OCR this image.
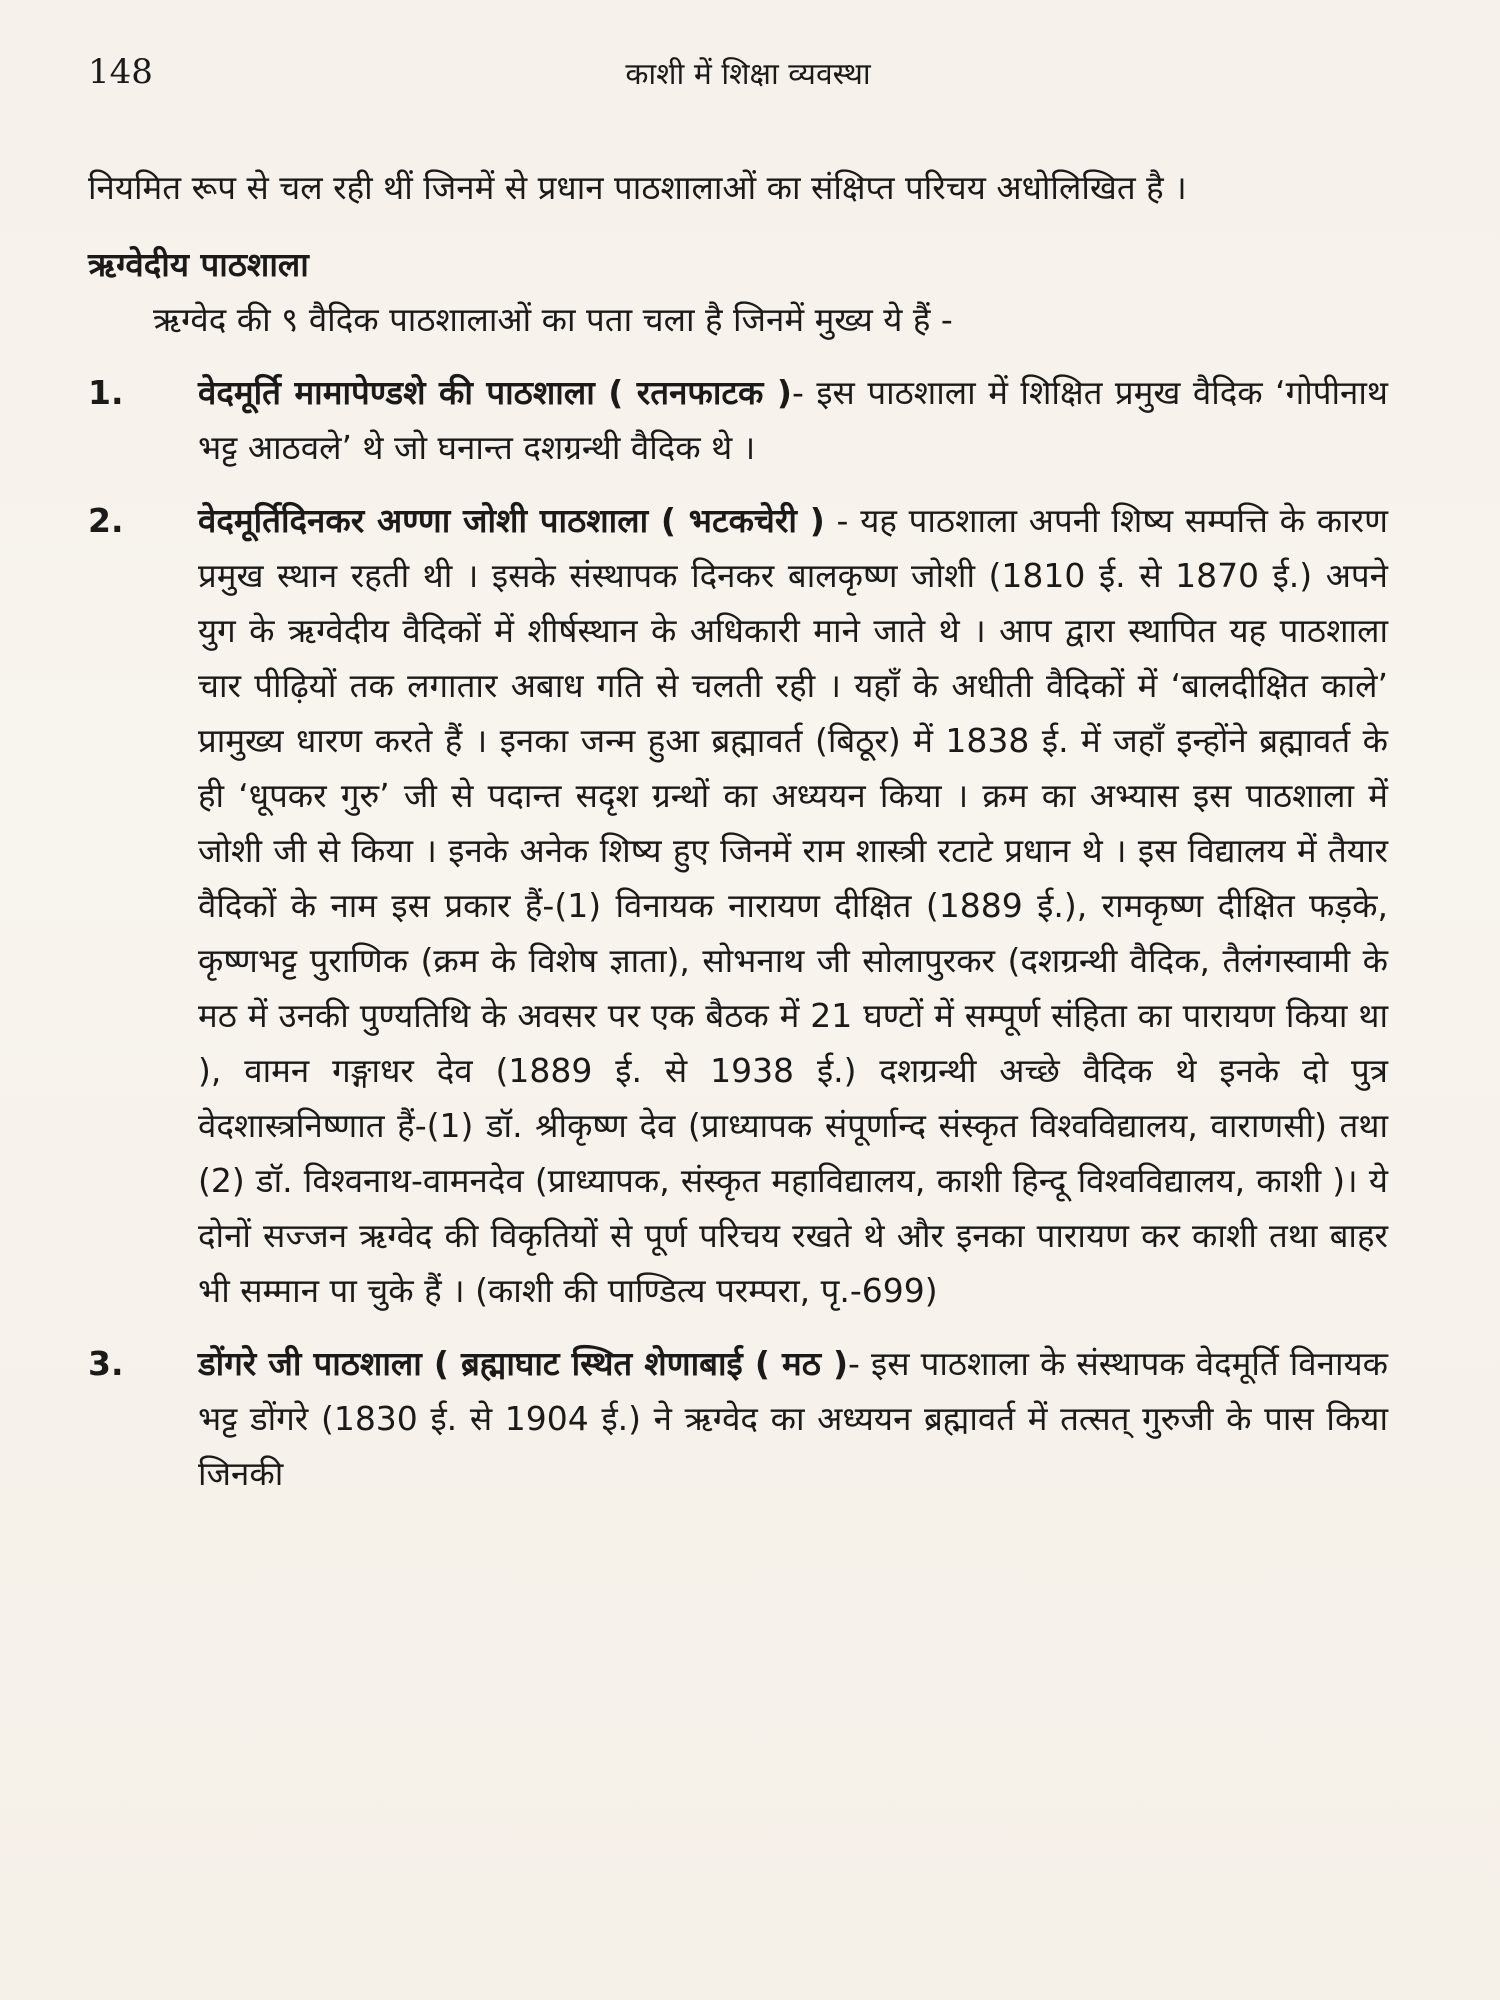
148	काशी में शिक्षा व्यवस्था

नियमित रूप से चल रही थीं जिनमें से प्रधान पाठशालाओं का संक्षिप्त परिचय अधोलिखित है ।

ऋग्वेदीय पाठशाला

ऋग्वेद की ९ वैदिक पाठशालाओं का पता चला है जिनमें मुख्य ये हैं -

1.	वेदमूर्ति मामापेण्डशे की पाठशाला ( रतनफाटक )- इस पाठशाला में शिक्षित प्रमुख वैदिक ‘गोपीनाथ भट्ट आठवले’ थे जो घनान्त दशग्रन्थी वैदिक थे ।
2.	वेदमूर्तिदिनकर अण्णा जोशी पाठशाला ( भटकचेरी ) - यह पाठशाला अपनी शिष्य सम्पत्ति के कारण प्रमुख स्थान रहती थी । इसके संस्थापक दिनकर बालकृष्ण जोशी (1810 ई. से 1870 ई.) अपने युग के ऋग्वेदीय वैदिकों में शीर्षस्थान के अधिकारी माने जाते थे । आप द्वारा स्थापित यह पाठशाला चार पीढ़ियों तक लगातार अबाध गति से चलती रही । यहाँ के अधीती वैदिकों में ‘बालदीक्षित काले’ प्रामुख्य धारण करते हैं । इनका जन्म हुआ ब्रह्मावर्त (बिठूर) में 1838 ई. में जहाँ इन्होंने ब्रह्मावर्त के ही ‘धूपकर गुरु’ जी से पदान्त सदृश ग्रन्थों का अध्ययन किया । क्रम का अभ्यास इस पाठशाला में जोशी जी से किया । इनके अनेक शिष्य हुए जिनमें राम शास्त्री रटाटे प्रधान थे । इस विद्यालय में तैयार वैदिकों के नाम इस प्रकार हैं-(1) विनायक नारायण दीक्षित (1889 ई.), रामकृष्ण दीक्षित फड़के, कृष्णभट्ट पुराणिक (क्रम के विशेष ज्ञाता), सोभनाथ जी सोलापुरकर (दशग्रन्थी वैदिक, तैलंगस्वामी के मठ में उनकी पुण्यतिथि के अवसर पर एक बैठक में 21 घण्टों में सम्पूर्ण संहिता का पारायण किया था ), वामन गङ्गाधर देव (1889 ई. से 1938 ई.) दशग्रन्थी अच्छे वैदिक थे इनके दो पुत्र वेदशास्त्रनिष्णात हैं-(1) डॉ. श्रीकृष्ण देव (प्राध्यापक संपूर्णान्द संस्कृत विश्वविद्यालय, वाराणसी) तथा (2) डॉ. विश्वनाथ-वामनदेव (प्राध्यापक, संस्कृत महाविद्यालय, काशी हिन्दू विश्वविद्यालय, काशी )। ये दोनों सज्जन ऋग्वेद की विकृतियों से पूर्ण परिचय रखते थे और इनका पारायण कर काशी तथा बाहर भी सम्मान पा चुके हैं । (काशी की पाण्डित्य परम्परा, पृ.-699)
3.	डोंगरे जी पाठशाला ( ब्रह्माघाट स्थित शेणाबाई ( मठ )- इस पाठशाला के संस्थापक वेदमूर्ति विनायक भट्ट डोंगरे (1830 ई. से 1904 ई.) ने ऋग्वेद का अध्ययन ब्रह्मावर्त में तत्सत् गुरुजी के पास किया जिनकी
